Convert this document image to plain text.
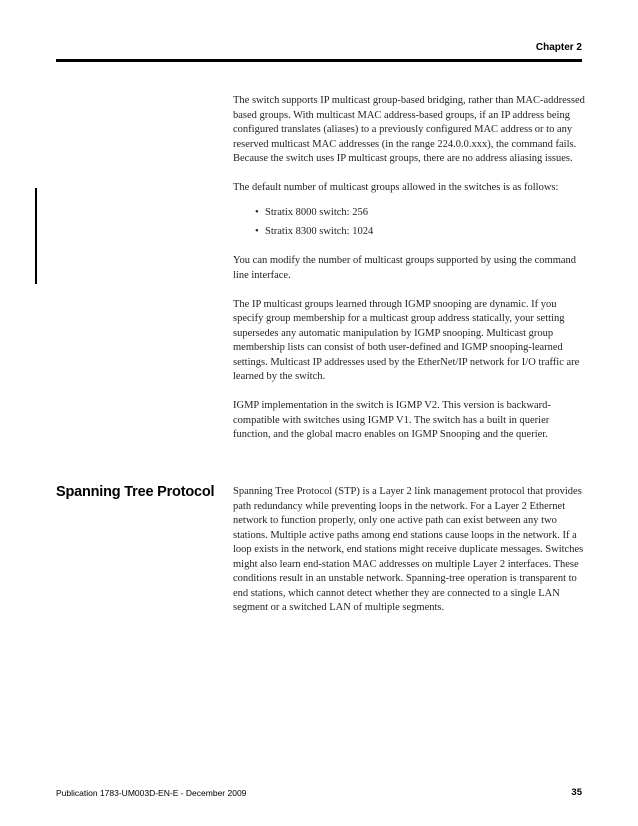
Chapter 2

The switch supports IP multicast group-based bridging, rather than MAC-addressed based groups. With multicast MAC address-based groups, if an IP address being configured translates (aliases) to a previously configured MAC address or to any reserved multicast MAC addresses (in the range 224.0.0.xxx), the command fails. Because the switch uses IP multicast groups, there are no address aliasing issues.

The default number of multicast groups allowed in the switches is as follows:

• Stratix 8000 switch: 256
• Stratix 8300 switch: 1024

You can modify the number of multicast groups supported by using the command line interface.

The IP multicast groups learned through IGMP snooping are dynamic. If you specify group membership for a multicast group address statically, your setting supersedes any automatic manipulation by IGMP snooping. Multicast group membership lists can consist of both user-defined and IGMP snooping-learned settings. Multicast IP addresses used by the EtherNet/IP network for I/O traffic are learned by the switch.

IGMP implementation in the switch is IGMP V2. This version is backward-compatible with switches using IGMP V1. The switch has a built in querier function, and the global macro enables on IGMP Snooping and the querier.

Spanning Tree Protocol Spanning Tree Protocol (STP) is a Layer 2 link management protocol that provides path redundancy while preventing loops in the network. For a Layer 2 Ethernet network to function properly, only one active path can exist between any two stations. Multiple active paths among end stations cause loops in the network. If a loop exists in the network, end stations might receive duplicate messages. Switches might also learn end-station MAC addresses on multiple Layer 2 interfaces. These conditions result in an unstable network. Spanning-tree operation is transparent to end stations, which cannot detect whether they are connected to a single LAN segment or a switched LAN of multiple segments.

Publication 1783-UM003D-EN-E - December 2009	35
